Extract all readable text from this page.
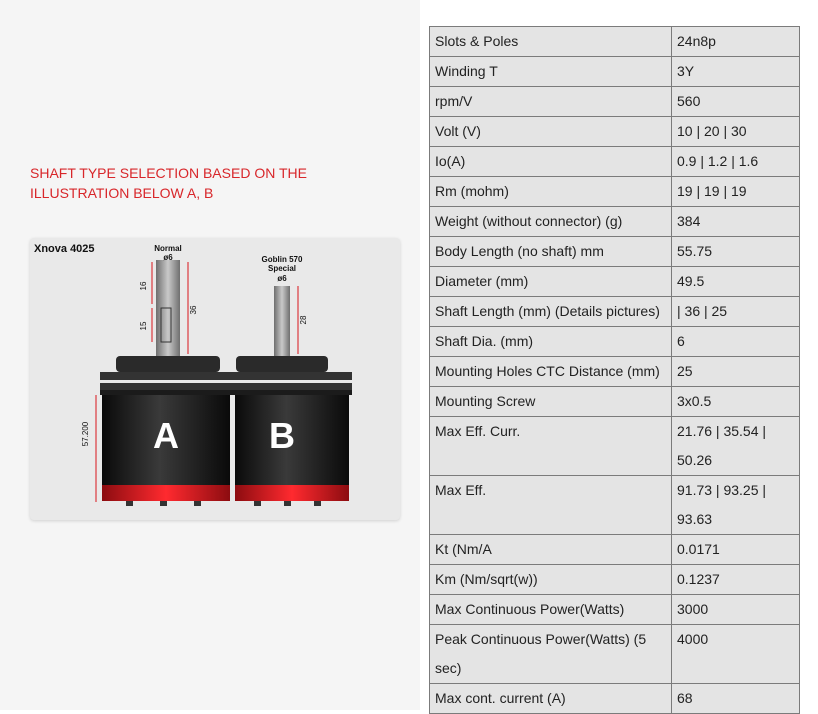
SHAFT TYPE SELECTION BASED ON THE ILLUSTRATION BELOW A, B
Xnova 4025	Normal
ø6
16
15
36
A
57.200
Goblin 570
Special
ø6
28
B
Slots & Poles	24n8p
Winding T	3Y
rpm/V	560
Volt (V)	10 | 20 | 30
Io(A)	0.9 | 1.2 | 1.6
Rm (mohm)	19 | 19 | 19
Weight (without connector) (g)	384
Body Length (no shaft) mm	55.75
Diameter (mm)	49.5
Shaft Length (mm) (Details pictures)	| 36 | 25
Shaft Dia. (mm)	6
Mounting Holes CTC Distance (mm)	25
Mounting Screw	3x0.5
Max Eff. Curr.	21.76 | 35.54 | 50.26
Max Eff.	91.73 | 93.25 | 93.63
Kt (Nm/A	0.0171
Km (Nm/sqrt(w))	0.1237
Max Continuous Power(Watts)	3000
Peak Continuous Power(Watts) (5 sec)	4000
Max cont. current (A)	68
